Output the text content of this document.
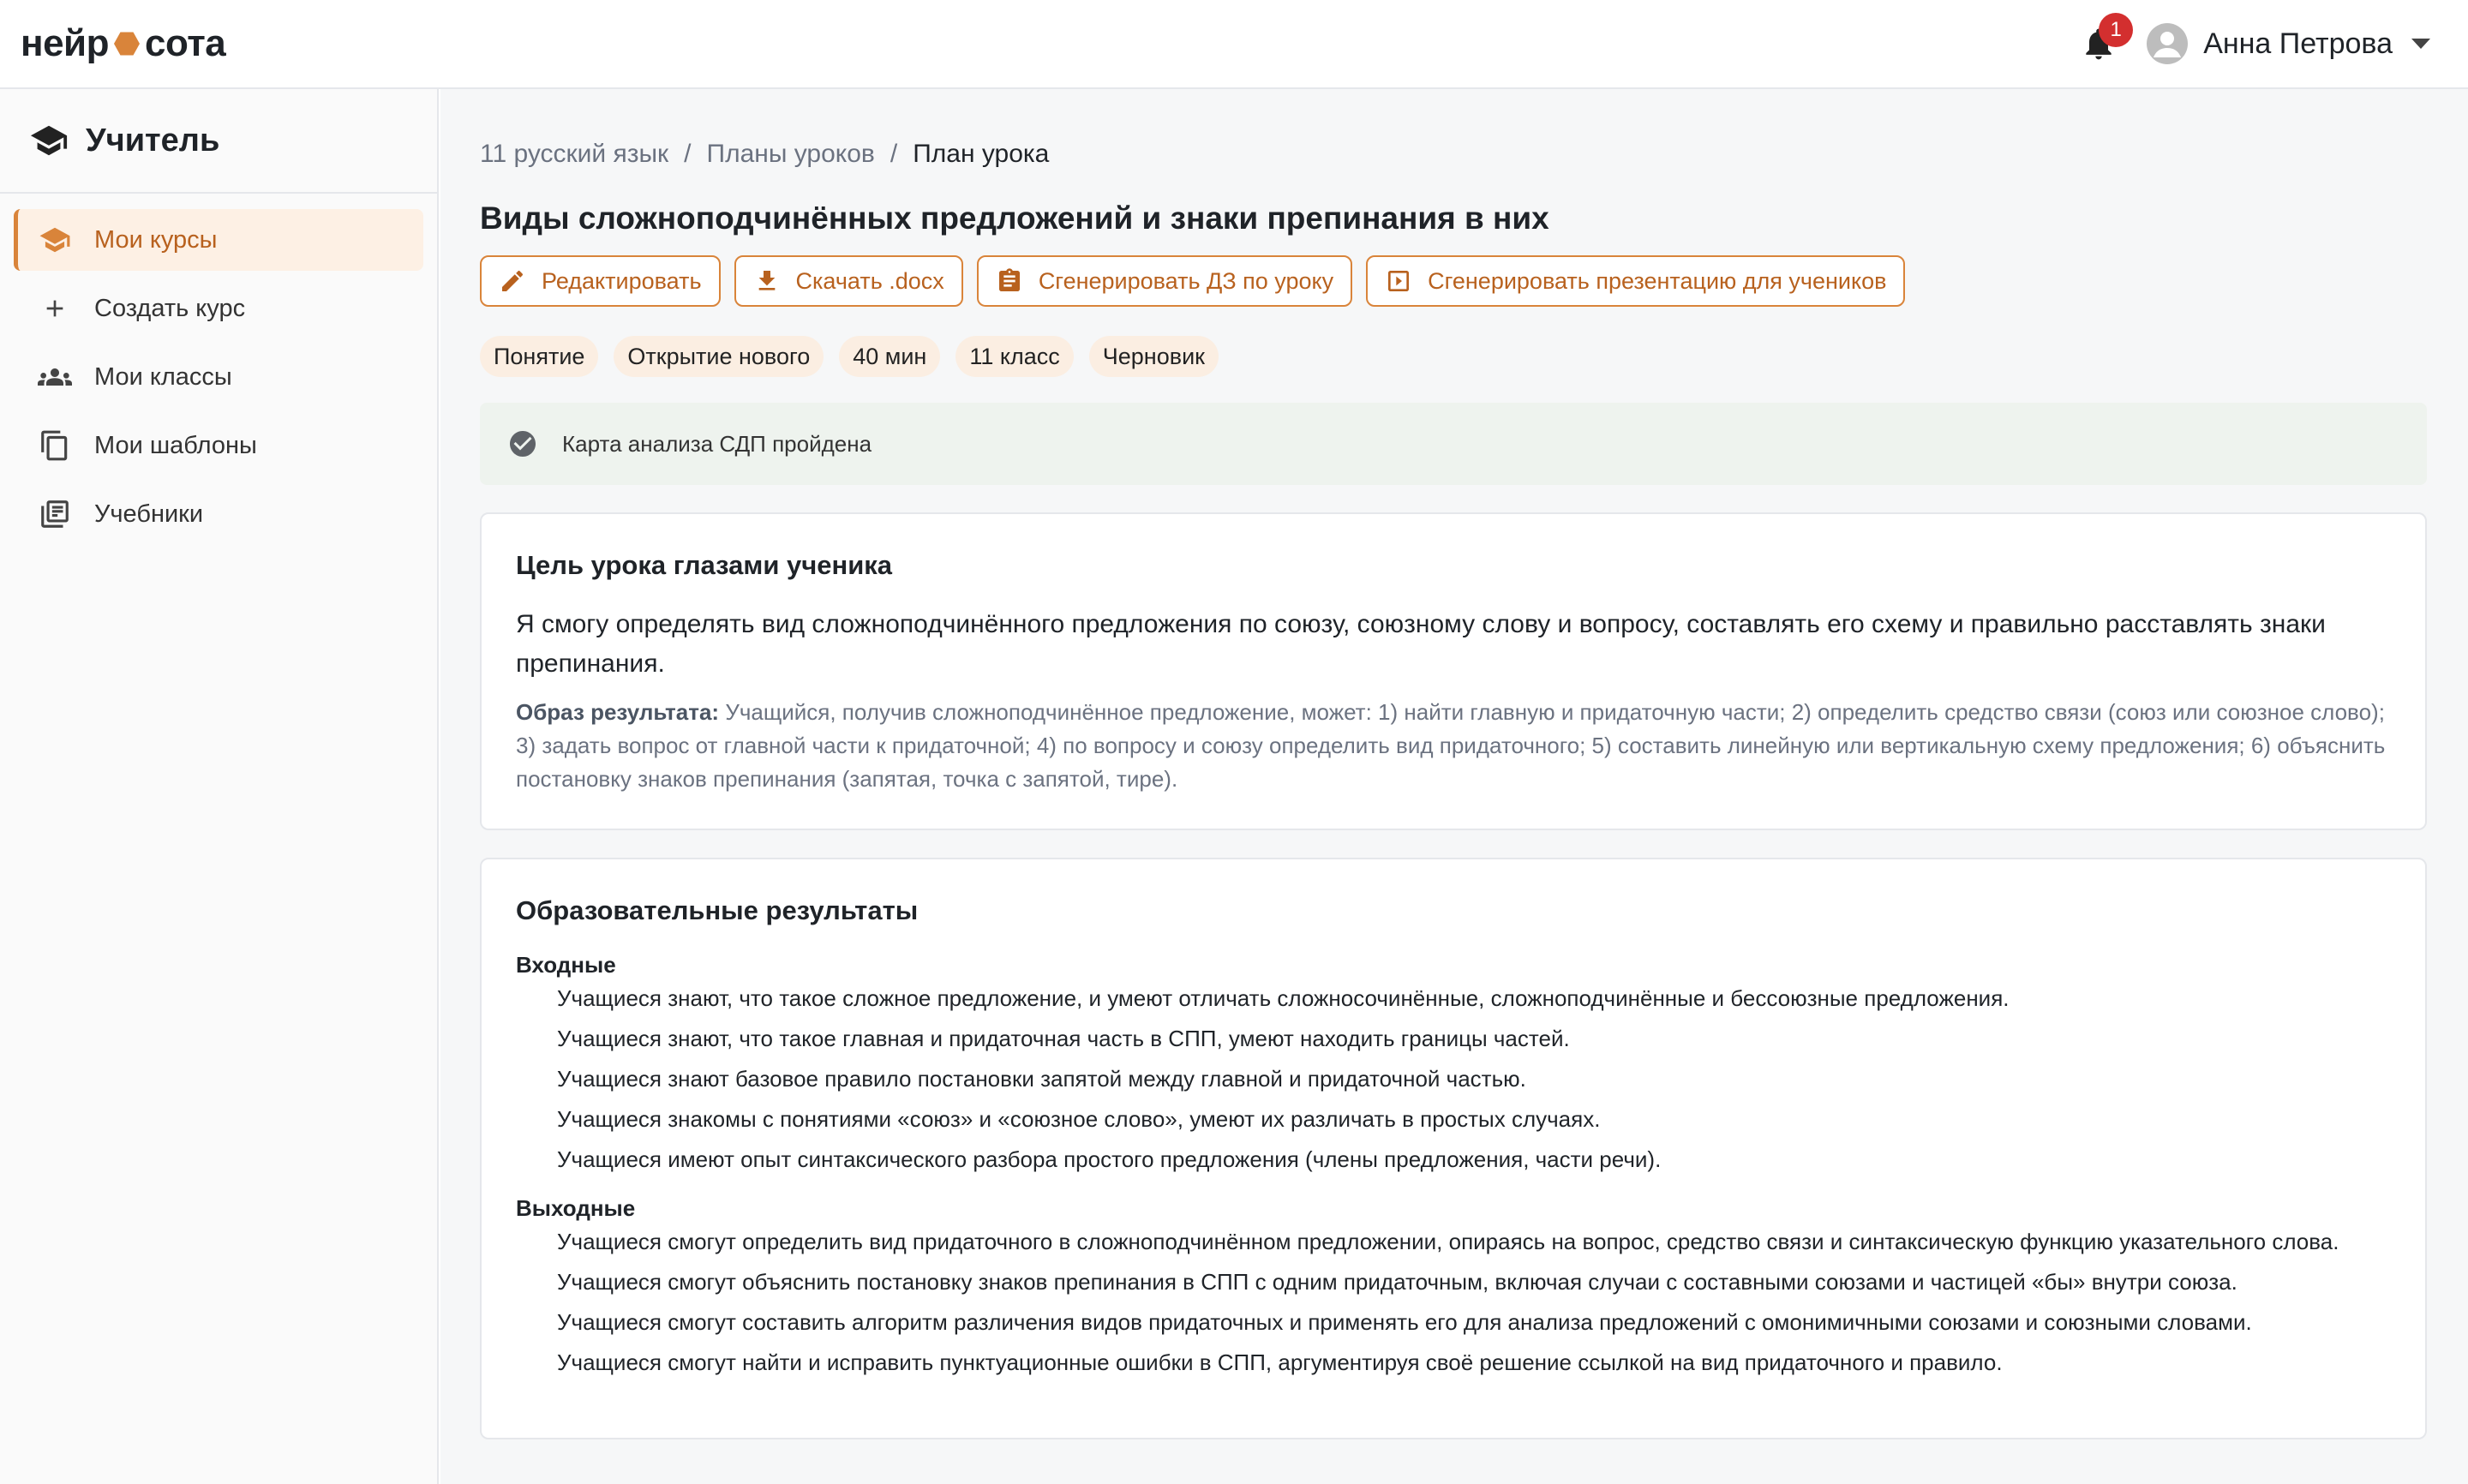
нейр сота	1	Анна Петрова
Учитель
Мои курсы
Создать курс
Мои классы
Мои шаблоны
Учебники
11 русский язык / Планы уроков / План урока
Виды сложноподчинённых предложений и знаки препинания в них
Редактировать	Скачать .docx	Сгенерировать ДЗ по уроку	Сгенерировать презентацию для учеников
Понятие	Открытие нового	40 мин	11 класс	Черновик
Карта анализа СДП пройдена
Цель урока глазами ученика
Я смогу определять вид сложноподчинённого предложения по союзу, союзному слову и вопросу, составлять его схему и правильно расставлять знаки препинания.
Образ результата: Учащийся, получив сложноподчинённое предложение, может: 1) найти главную и придаточную части; 2) определить средство связи (союз или союзное слово); 3) задать вопрос от главной части к придаточной; 4) по вопросу и союзу определить вид придаточного; 5) составить линейную или вертикальную схему предложения; 6) объяснить постановку знаков препинания (запятая, точка с запятой, тире).
Образовательные результаты
Входные
Учащиеся знают, что такое сложное предложение, и умеют отличать сложносочинённые, сложноподчинённые и бессоюзные предложения.
Учащиеся знают, что такое главная и придаточная часть в СПП, умеют находить границы частей.
Учащиеся знают базовое правило постановки запятой между главной и придаточной частью.
Учащиеся знакомы с понятиями «союз» и «союзное слово», умеют их различать в простых случаях.
Учащиеся имеют опыт синтаксического разбора простого предложения (члены предложения, части речи).
Выходные
Учащиеся смогут определить вид придаточного в сложноподчинённом предложении, опираясь на вопрос, средство связи и синтаксическую функцию указательного слова.
Учащиеся смогут объяснить постановку знаков препинания в СПП с одним придаточным, включая случаи с составными союзами и частицей «бы» внутри союза.
Учащиеся смогут составить алгоритм различения видов придаточных и применять его для анализа предложений с омонимичными союзами и союзными словами.
Учащиеся смогут найти и исправить пунктуационные ошибки в СПП, аргументируя своё решение ссылкой на вид придаточного и правило.
